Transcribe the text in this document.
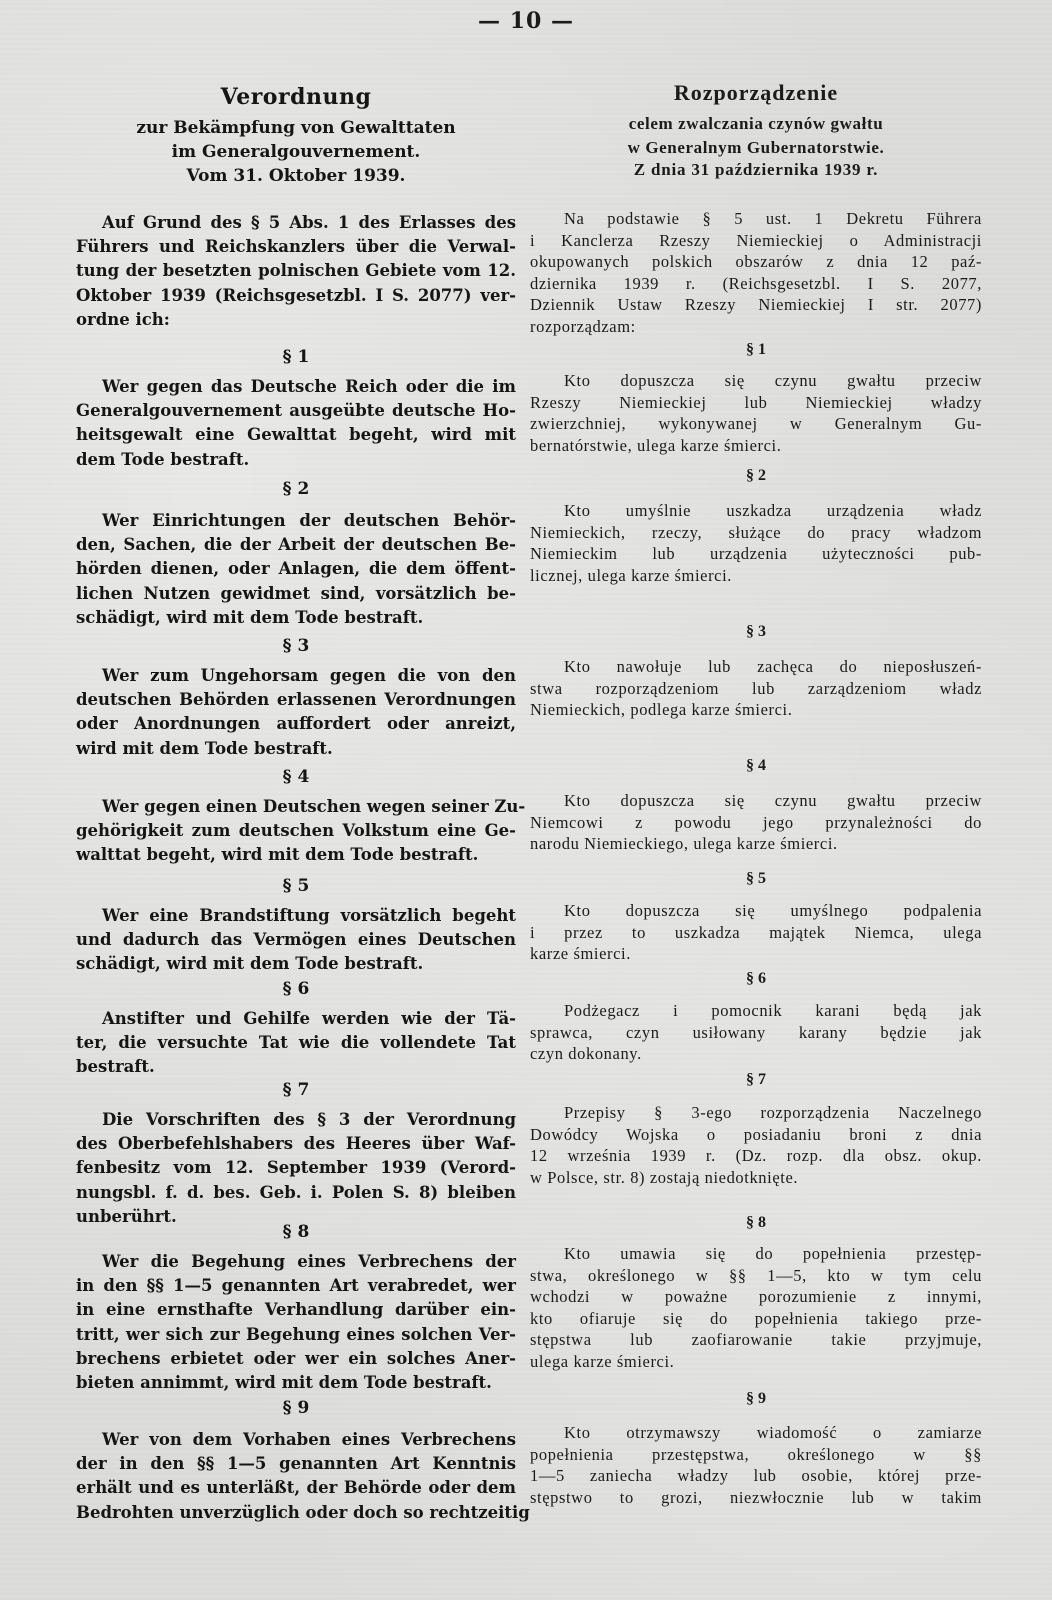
— 10 —
Verordnung
zur Bekämpfung von Gewalttaten
im Generalgouvernement.
Vom 31. Oktober 1939.
Auf Grund des § 5 Abs. 1 des Erlasses des
Führers und Reichskanzlers über die Verwal-
tung der besetzten polnischen Gebiete vom 12.
Oktober 1939 (Reichsgesetzbl. I S. 2077) ver-
ordne ich:
§ 1
Wer gegen das Deutsche Reich oder die im
Generalgouvernement ausgeübte deutsche Ho-
heitsgewalt eine Gewalttat begeht, wird mit
dem Tode bestraft.
§ 2
Wer Einrichtungen der deutschen Behör-
den, Sachen, die der Arbeit der deutschen Be-
hörden dienen, oder Anlagen, die dem öffent-
lichen Nutzen gewidmet sind, vorsätzlich be-
schädigt, wird mit dem Tode bestraft.
§ 3
Wer zum Ungehorsam gegen die von den
deutschen Behörden erlassenen Verordnungen
oder Anordnungen auffordert oder anreizt,
wird mit dem Tode bestraft.
§ 4
Wer gegen einen Deutschen wegen seiner Zu-
gehörigkeit zum deutschen Volkstum eine Ge-
walttat begeht, wird mit dem Tode bestraft.
§ 5
Wer eine Brandstiftung vorsätzlich begeht
und dadurch das Vermögen eines Deutschen
schädigt, wird mit dem Tode bestraft.
§ 6
Anstifter und Gehilfe werden wie der Tä-
ter, die versuchte Tat wie die vollendete Tat
bestraft.
§ 7
Die Vorschriften des § 3 der Verordnung
des Oberbefehlshabers des Heeres über Waf-
fenbesitz vom 12. September 1939 (Verord-
nungsbl. f. d. bes. Geb. i. Polen S. 8) bleiben
unberührt.
§ 8
Wer die Begehung eines Verbrechens der
in den §§ 1—5 genannten Art verabredet, wer
in eine ernsthafte Verhandlung darüber ein-
tritt, wer sich zur Begehung eines solchen Ver-
brechens erbietet oder wer ein solches Aner-
bieten annimmt, wird mit dem Tode bestraft.
§ 9
Wer von dem Vorhaben eines Verbrechens
der in den §§ 1—5 genannten Art Kenntnis
erhält und es unterläßt, der Behörde oder dem
Bedrohten unverzüglich oder doch so rechtzeitig
Rozporządzenie
celem zwalczania czynów gwałtu
w Generalnym Gubernatorstwie.
Z dnia 31 października 1939 r.
Na podstawie § 5 ust. 1 Dekretu Führera
i Kanclerza Rzeszy Niemieckiej o Administracji
okupowanych polskich obszarów z dnia 12 paź-
dziernika 1939 r. (Reichsgesetzbl. I S. 2077,
Dziennik Ustaw Rzeszy Niemieckiej I str. 2077)
rozporządzam:
§ 1
Kto dopuszcza się czynu gwałtu przeciw
Rzeszy Niemieckiej lub Niemieckiej władzy
zwierzchniej, wykonywanej w Generalnym Gu-
bernatórstwie, ulega karze śmierci.
§ 2
Kto umyślnie uszkadza urządzenia władz
Niemieckich, rzeczy, służące do pracy władzom
Niemieckim lub urządzenia użyteczności pub-
licznej, ulega karze śmierci.
§ 3
Kto nawołuje lub zachęca do nieposłuszeń-
stwa rozporządzeniom lub zarządzeniom władz
Niemieckich, podlega karze śmierci.
§ 4
Kto dopuszcza się czynu gwałtu przeciw
Niemcowi z powodu jego przynależności do
narodu Niemieckiego, ulega karze śmierci.
§ 5
Kto dopuszcza się umyślnego podpalenia
i przez to uszkadza majątek Niemca, ulega
karze śmierci.
§ 6
Podżegacz i pomocnik karani będą jak
sprawca, czyn usiłowany karany będzie jak
czyn dokonany.
§ 7
Przepisy § 3-ego rozporządzenia Naczelnego
Dowódcy Wojska o posiadaniu broni z dnia
12 września 1939 r. (Dz. rozp. dla obsz. okup.
w Polsce, str. 8) zostają niedotknięte.
§ 8
Kto umawia się do popełnienia przestęp-
stwa, określonego w §§ 1—5, kto w tym celu
wchodzi w poważne porozumienie z innymi,
kto ofiaruje się do popełnienia takiego prze-
stępstwa lub zaofiarowanie takie przyjmuje,
ulega karze śmierci.
§ 9
Kto otrzymawszy wiadomość o zamiarze
popełnienia przestępstwa, określonego w §§
1—5 zaniecha władzy lub osobie, której prze-
stępstwo to grozi, niezwłocznie lub w takim
